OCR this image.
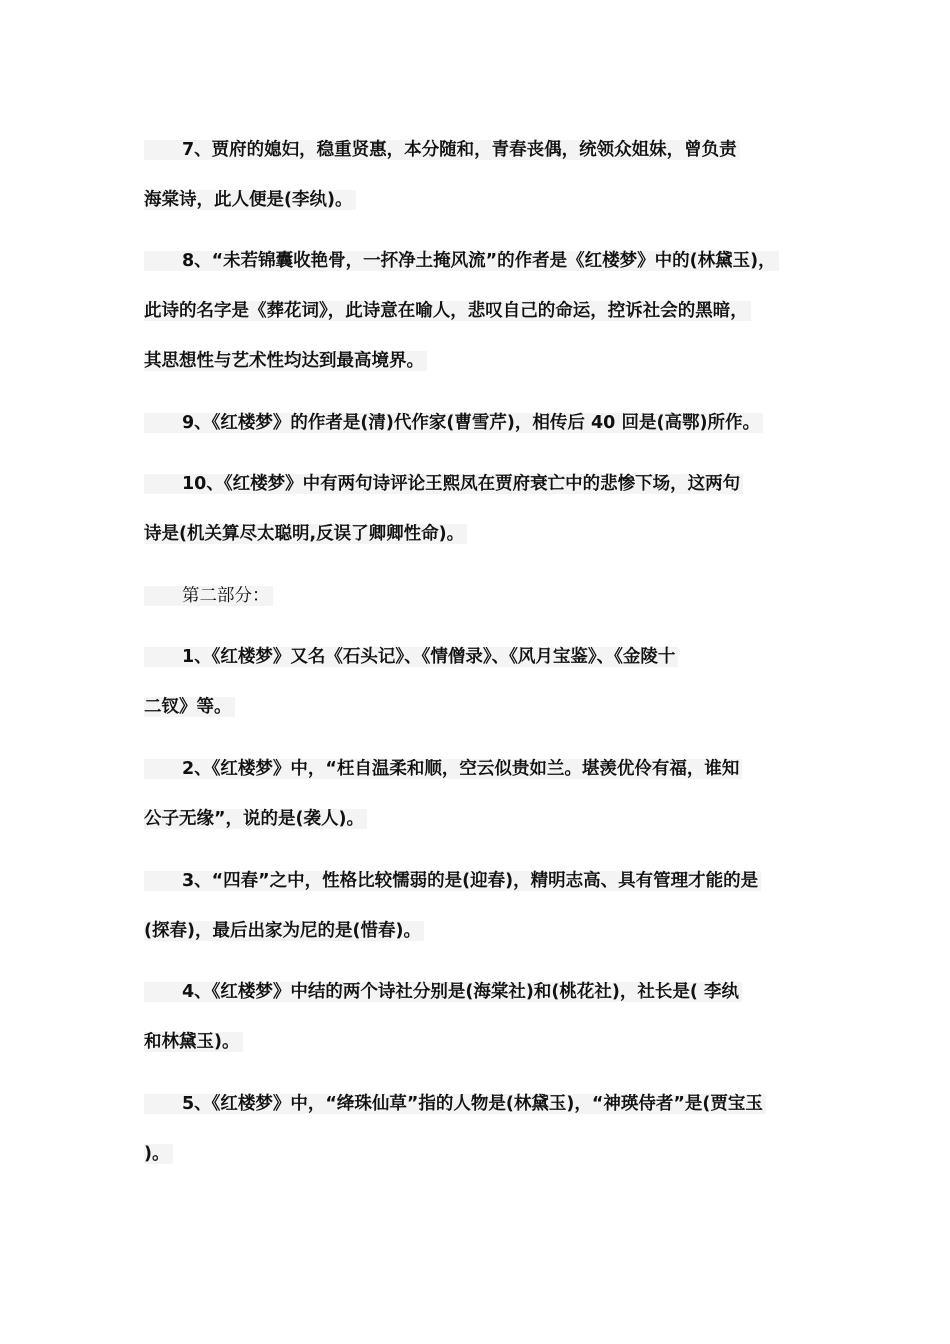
7、贾府的媳妇，稳重贤惠，本分随和，青春丧偶，统领众姐妹，曾负责
海棠诗，此人便是(李纨)。
8、“未若锦囊收艳骨，一抔净土掩风流”的作者是《红楼梦》中的(林黛玉)，
此诗的名字是《葬花词》，此诗意在喻人，悲叹自己的命运，控诉社会的黑暗，
其思想性与艺术性均达到最高境界。
9、《红楼梦》的作者是(清)代作家(曹雪芹)，相传后 40 回是(高鄂)所作。
10、《红楼梦》中有两句诗评论王熙凤在贾府衰亡中的悲惨下场，这两句
诗是(机关算尽太聪明,反误了卿卿性命)。
第二部分：
1、《红楼梦》又名《石头记》、《情僧录》、《风月宝鉴》、《金陵十
二钗》等。
2、《红楼梦》中，“枉自温柔和顺，空云似贵如兰。堪羡优伶有福，谁知
公子无缘”，说的是(袭人)。
3、“四春”之中，性格比较懦弱的是(迎春)，精明志高、具有管理才能的是
(探春)，最后出家为尼的是(惜春)。
4、《红楼梦》中结的两个诗社分别是(海棠社)和(桃花社)，社长是( 李纨
和林黛玉)。
5、《红楼梦》中，“绛珠仙草”指的人物是(林黛玉)，“神瑛侍者”是(贾宝玉
)。
